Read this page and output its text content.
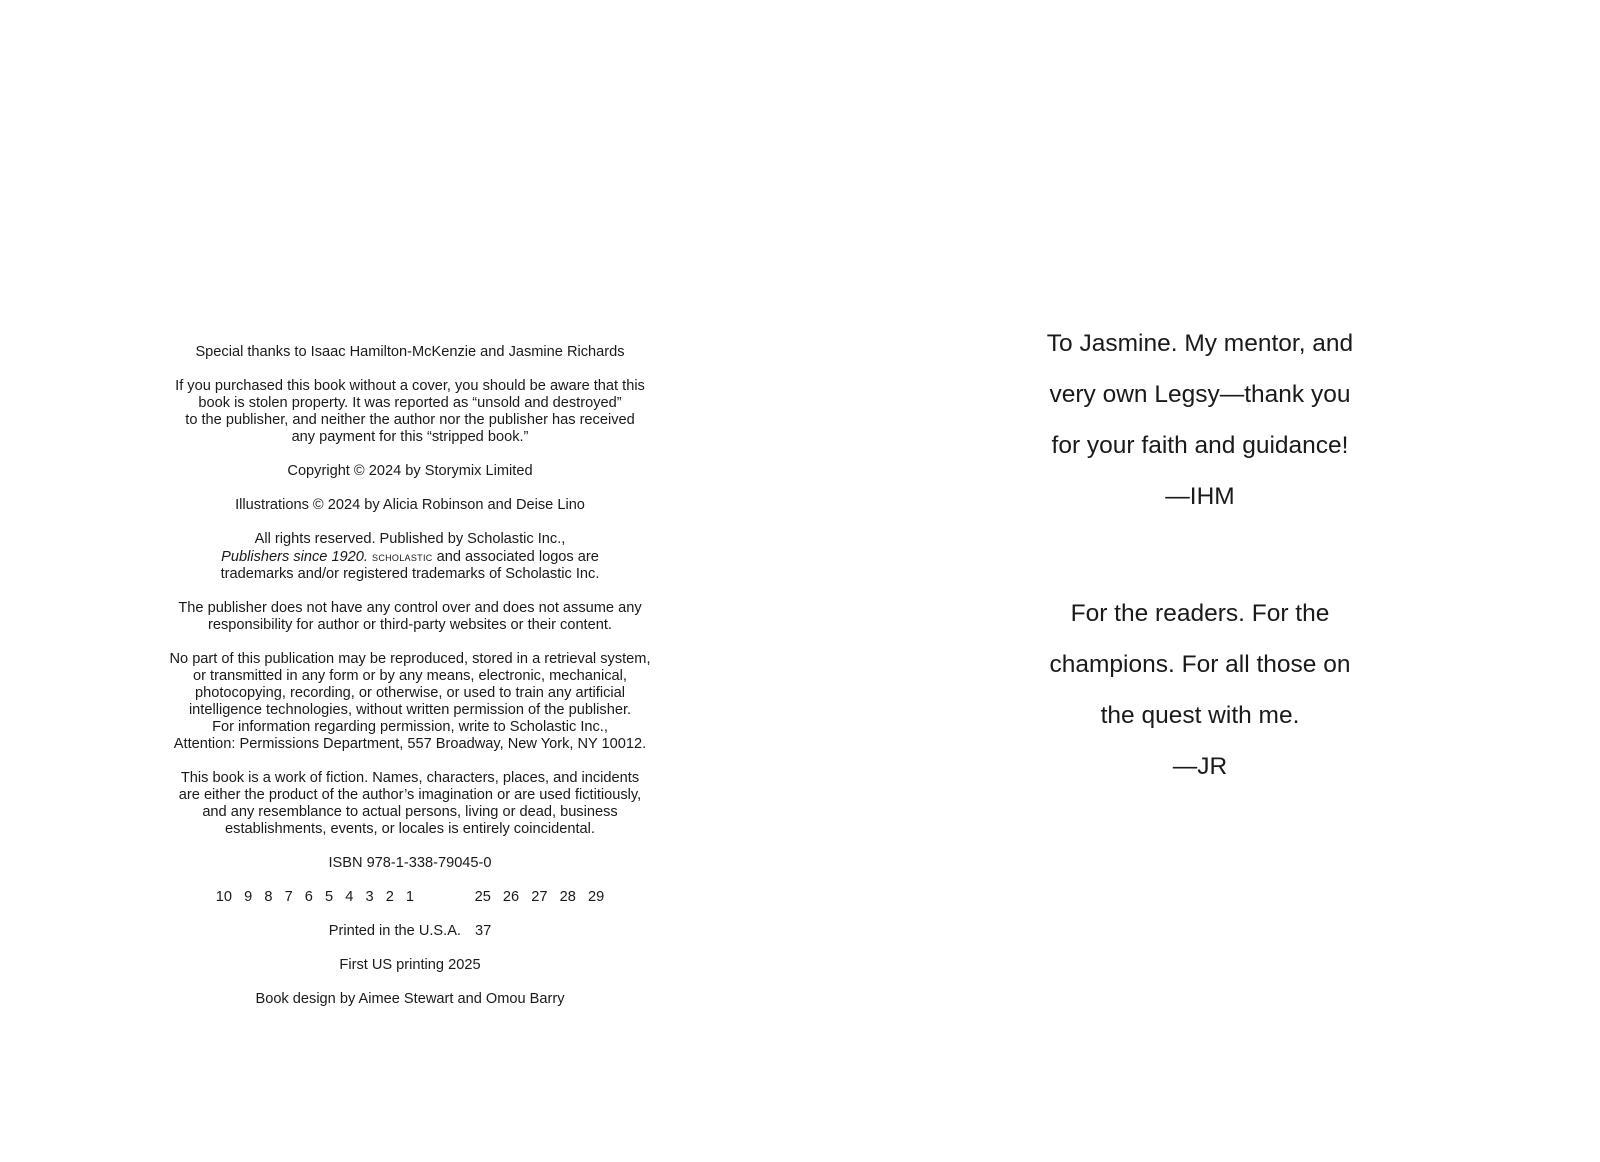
Special thanks to Isaac Hamilton-McKenzie and Jasmine Richards

If you purchased this book without a cover, you should be aware that this
book is stolen property. It was reported as “unsold and destroyed”
to the publisher, and neither the author nor the publisher has received
any payment for this “stripped book.”

Copyright © 2024 by Storymix Limited

Illustrations © 2024 by Alicia Robinson and Deise Lino

All rights reserved. Published by Scholastic Inc.,
Publishers since 1920. scholastic and associated logos are
trademarks and/or registered trademarks of Scholastic Inc.

The publisher does not have any control over and does not assume any
responsibility for author or third-party websites or their content.

No part of this publication may be reproduced, stored in a retrieval system,
or transmitted in any form or by any means, electronic, mechanical,
photocopying, recording, or otherwise, or used to train any artificial
intelligence technologies, without written permission of the publisher.
For information regarding permission, write to Scholastic Inc.,
Attention: Permissions Department, 557 Broadway, New York, NY 10012.

This book is a work of fiction. Names, characters, places, and incidents
are either the product of the author’s imagination or are used fictitiously,
and any resemblance to actual persons, living or dead, business
establishments, events, or locales is entirely coincidental.

ISBN 978-1-338-79045-0

10  9  8  7  6  5  4  3  2  1	25  26  27  28  29

Printed in the U.S.A. 37

First US printing 2025

Book design by Aimee Stewart and Omou Barry

To Jasmine. My mentor, and
very own Legsy—thank you
for your faith and guidance!
—IHM
For the readers. For the
champions. For all those on
the quest with me.
—JR
